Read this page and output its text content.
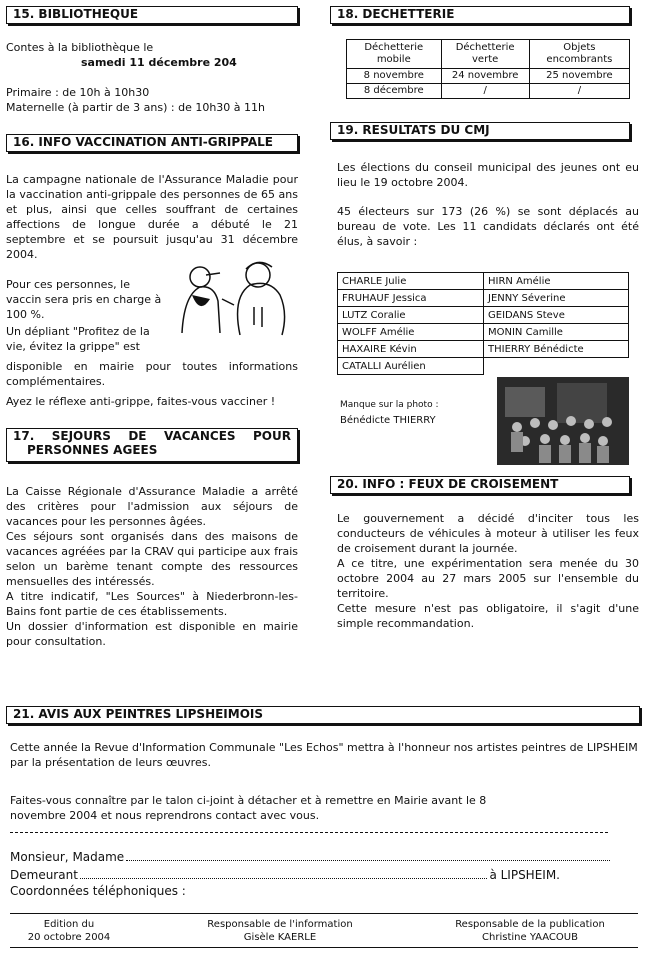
15. BIBLIOTHEQUE

Contes à la bibliothèque le

samedi 11 décembre 204

Primaire : de 10h à 10h30

Maternelle (à partir de 3 ans) : de 10h30 à 11h

16. INFO VACCINATION ANTI-GRIPPALE
La campagne nationale de l'Assurance Maladie pour la vaccination anti-grippale des personnes de 65 ans et plus, ainsi que celles souffrant de certaines affections de longue durée a débuté le 21 septembre et se poursuit jusqu'au 31 décembre 2004.
Pour ces personnes, le vaccin sera pris en charge à 100 %.
Un dépliant "Profitez de la vie, évitez la grippe" est
disponible en mairie pour toutes informations complémentaires.
Ayez le réflexe anti-grippe, faites-vous vacciner !
17. SEJOURS DE VACANCES POUR
PERSONNES AGEES

La Caisse Régionale d'Assurance Maladie a arrêté des critères pour l'admission aux séjours de vacances pour les personnes âgées.

Ces séjours sont organisés dans des maisons de vacances agréées par la CRAV qui participe aux frais selon un barème tenant compte des ressources mensuelles des intéressés.

A titre indicatif, "Les Sources" à Niederbronn-les-Bains font partie de ces établissements.

Un dossier d'information est disponible en mairie pour consultation.

18. DECHETTERIE
Déchetterie mobile	Déchetterie verte	Objets encombrants
8 novembre	24 novembre	25 novembre
8 décembre	/	/
19. RESULTATS DU CMJ

Les élections du conseil municipal des jeunes ont eu lieu le 19 octobre 2004.

45 électeurs sur 173 (26 %) se sont déplacés au bureau de vote. Les 11 candidats déclarés ont été élus, à savoir :

CHARLE Julie	HIRN Amélie
FRUHAUF Jessica	JENNY Séverine
LUTZ Coralie	GEIDANS Steve
WOLFF Amélie	MONIN Camille
HAXAIRE Kévin	THIERRY Bénédicte
CATALLI Aurélien	

Manque sur la photo :

Bénédicte THIERRY

20. INFO : FEUX DE CROISEMENT

Le gouvernement a décidé d'inciter tous les conducteurs de véhicules à moteur à utiliser les feux de croisement durant la journée.

A ce titre, une expérimentation sera menée du 30 octobre 2004 au 27 mars 2005 sur l'ensemble du territoire.

Cette mesure n'est pas obligatoire, il s'agit d'une simple recommandation.

21. AVIS AUX PEINTRES LIPSHEIMOIS
Cette année la Revue d'Information Communale "Les Echos" mettra à l'honneur nos artistes peintres de LIPSHEIM par la présentation de leurs œuvres.
Faites-vous connaître par le talon ci-joint à détacher et à remettre en Mairie avant le 8 novembre 2004 et nous reprendrons contact avec vous.
Monsieur, Madame
Demeurant	à LIPSHEIM.
Coordonnées téléphoniques :
Edition du
20 octobre 2004
Responsable de l'information
Gisèle KAERLE
Responsable de la publication
Christine YAACOUB
